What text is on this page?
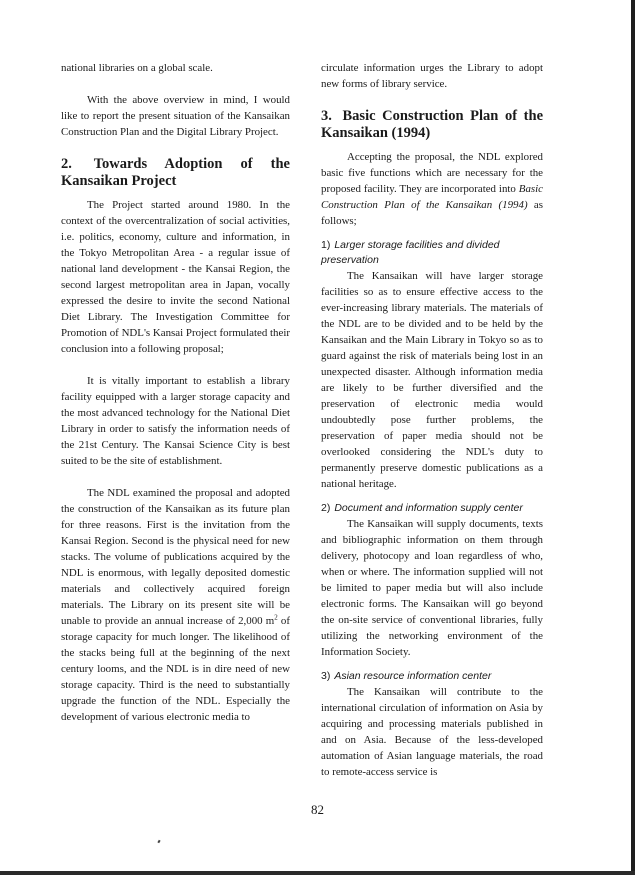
national libraries on a global scale.

With the above overview in mind, I would like to report the present situation of the Kansaikan Construction Plan and the Digital Library Project.

2. Towards Adoption of the
Kansaikan Project

The Project started around 1980. In the context of the overcentralization of social activities, i.e. politics, economy, culture and information, in the Tokyo Metropolitan Area - a regular issue of national land development - the Kansai Region, the second largest metropolitan area in Japan, vocally expressed the desire to invite the second National Diet Library. The Investigation Committee for Promotion of NDL's Kansai Project formulated their conclusion into a following proposal;

It is vitally important to establish a library facility equipped with a larger storage capacity and the most advanced technology for the National Diet Library in order to satisfy the information needs of the 21st Century. The Kansai Science City is best suited to be the site of establishment.

The NDL examined the proposal and adopted the construction of the Kansaikan as its future plan for three reasons. First is the invitation from the Kansai Region. Second is the physical need for new stacks. The volume of publications acquired by the NDL is enormous, with legally deposited domestic materials and collectively acquired foreign materials. The Library on its present site will be unable to provide an annual increase of 2,000 $m^2$ of storage capacity for much longer. The likelihood of the stacks being full at the beginning of the next century looms, and the NDL is in dire need of new storage capacity. Third is the need to substantially upgrade the function of the NDL. Especially the development of various electronic media to

circulate information urges the Library to adopt new forms of library service.

3. Basic Construction Plan of the
Kansaikan (1994)

Accepting the proposal, the NDL explored basic five functions which are necessary for the proposed facility. They are incorporated into Basic Construction Plan of the Kansaikan (1994) as follows;

1) Larger storage facilities and divided preservation

The Kansaikan will have larger storage facilities so as to ensure effective access to the ever-increasing library materials. The materials of the NDL are to be divided and to be held by the Kansaikan and the Main Library in Tokyo so as to guard against the risk of materials being lost in an unexpected disaster. Although information media are likely to be further diversified and the preservation of electronic media would undoubtedly pose further problems, the preservation of paper media should not be overlooked considering the NDL's duty to permanently preserve domestic publications as a national heritage.

2) Document and information supply center

The Kansaikan will supply documents, texts and bibliographic information on them through delivery, photocopy and loan regardless of who, when or where. The information supplied will not be limited to paper media but will also include electronic forms. The Kansaikan will go beyond the on-site service of conventional libraries, fully utilizing the networking environment of the Information Society.

3) Asian resource information center

The Kansaikan will contribute to the international circulation of information on Asia by acquiring and processing materials published in and on Asia. Because of the less-developed automation of Asian language materials, the road to remote-access service is

82
